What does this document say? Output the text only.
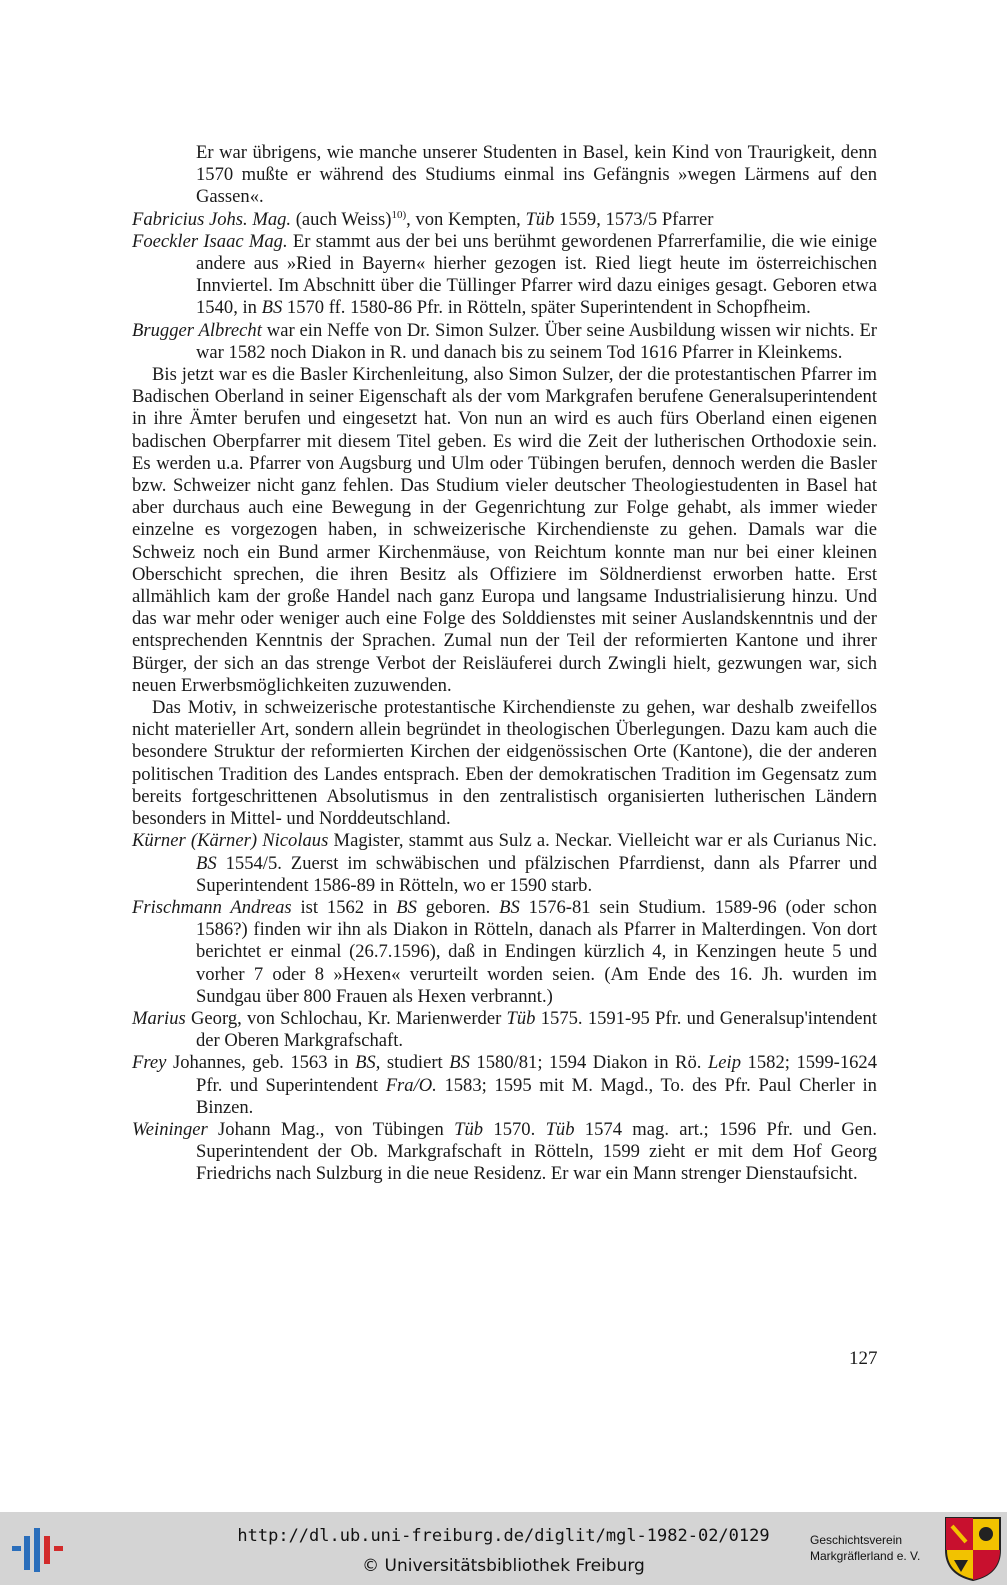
Er war übrigens, wie manche unserer Studenten in Basel, kein Kind von Traurigkeit, denn 1570 mußte er während des Studiums einmal ins Gefängnis »wegen Lärmens auf den Gassen«.

Fabricius Johs. Mag. (auch Weiss)$^{10)}$, von Kempten, Tüb 1559, 1573/5 Pfarrer

Foeckler Isaac Mag. Er stammt aus der bei uns berühmt gewordenen Pfarrerfamilie, die wie einige andere aus »Ried in Bayern« hierher gezogen ist. Ried liegt heute im österreichischen Innviertel. Im Abschnitt über die Tüllinger Pfarrer wird dazu einiges gesagt. Geboren etwa 1540, in BS 1570 ff. 1580-86 Pfr. in Rötteln, später Superintendent in Schopfheim.

Brugger Albrecht war ein Neffe von Dr. Simon Sulzer. Über seine Ausbildung wissen wir nichts. Er war 1582 noch Diakon in R. und danach bis zu seinem Tod 1616 Pfarrer in Kleinkems.

Bis jetzt war es die Basler Kirchenleitung, also Simon Sulzer, der die protestantischen Pfarrer im Badischen Oberland in seiner Eigenschaft als der vom Markgrafen berufene Generalsuperintendent in ihre Ämter berufen und eingesetzt hat. Von nun an wird es auch fürs Oberland einen eigenen badischen Oberpfarrer mit diesem Titel geben. Es wird die Zeit der lutherischen Orthodoxie sein. Es werden u.a. Pfarrer von Augsburg und Ulm oder Tübingen berufen, dennoch werden die Basler bzw. Schweizer nicht ganz fehlen. Das Studium vieler deutscher Theologiestudenten in Basel hat aber durchaus auch eine Bewegung in der Gegenrichtung zur Folge gehabt, als immer wieder einzelne es vorgezogen haben, in schweizerische Kirchendienste zu gehen. Damals war die Schweiz noch ein Bund armer Kirchenmäuse, von Reichtum konnte man nur bei einer kleinen Oberschicht sprechen, die ihren Besitz als Offiziere im Söldnerdienst erworben hatte. Erst allmählich kam der große Handel nach ganz Europa und langsame Industrialisierung hinzu. Und das war mehr oder weniger auch eine Folge des Solddienstes mit seiner Auslandskenntnis und der entsprechenden Kenntnis der Sprachen. Zumal nun der Teil der reformierten Kantone und ihrer Bürger, der sich an das strenge Verbot der Reisläuferei durch Zwingli hielt, gezwungen war, sich neuen Erwerbsmöglichkeiten zuzuwenden.

Das Motiv, in schweizerische protestantische Kirchendienste zu gehen, war deshalb zweifellos nicht materieller Art, sondern allein begründet in theologischen Überlegungen. Dazu kam auch die besondere Struktur der reformierten Kirchen der eidgenössischen Orte (Kantone), die der anderen politischen Tradition des Landes entsprach. Eben der demokratischen Tradition im Gegensatz zum bereits fortgeschrittenen Absolutismus in den zentralistisch organisierten lutherischen Ländern besonders in Mittel- und Norddeutschland.

Kürner (Kärner) Nicolaus Magister, stammt aus Sulz a. Neckar. Vielleicht war er als Curianus Nic. BS 1554/5. Zuerst im schwäbischen und pfälzischen Pfarrdienst, dann als Pfarrer und Superintendent 1586-89 in Rötteln, wo er 1590 starb.

Frischmann Andreas ist 1562 in BS geboren. BS 1576-81 sein Studium. 1589-96 (oder schon 1586?) finden wir ihn als Diakon in Rötteln, danach als Pfarrer in Malterdingen. Von dort berichtet er einmal (26.7.1596), daß in Endingen kürzlich 4, in Kenzingen heute 5 und vorher 7 oder 8 »Hexen« verurteilt worden seien. (Am Ende des 16. Jh. wurden im Sundgau über 800 Frauen als Hexen verbrannt.)

Marius Georg, von Schlochau, Kr. Marienwerder Tüb 1575. 1591-95 Pfr. und Generalsup'intendent der Oberen Markgrafschaft.

Frey Johannes, geb. 1563 in BS, studiert BS 1580/81; 1594 Diakon in Rö. Leip 1582; 1599-1624 Pfr. und Superintendent Fra/O. 1583; 1595 mit M. Magd., To. des Pfr. Paul Cherler in Binzen.

Weininger Johann Mag., von Tübingen Tüb 1570. Tüb 1574 mag. art.; 1596 Pfr. und Gen. Superintendent der Ob. Markgrafschaft in Rötteln, 1599 zieht er mit dem Hof Georg Friedrichs nach Sulzburg in die neue Residenz. Er war ein Mann strenger Dienstaufsicht.

127
http://dl.ub.uni-freiburg.de/diglit/mgl-1982-02/0129
© Universitätsbibliothek Freiburg
Geschichtsverein
Markgräflerland e. V.
